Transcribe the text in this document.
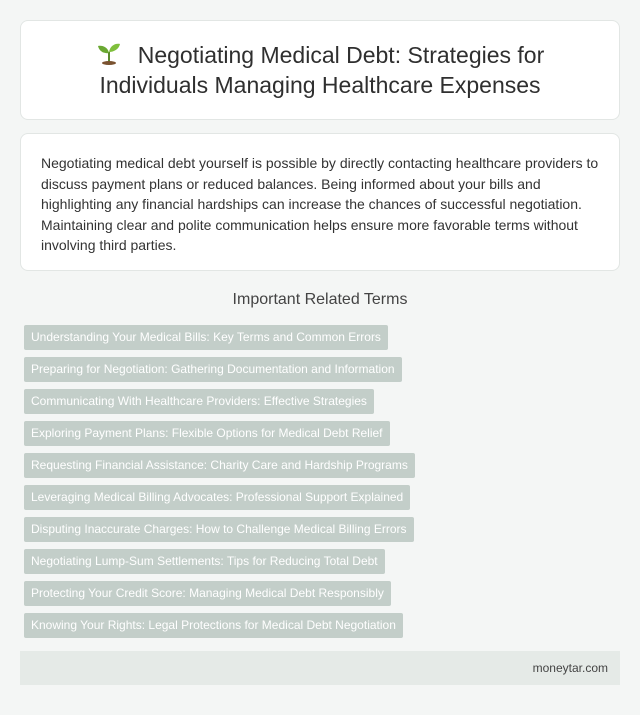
Negotiating Medical Debt: Strategies for Individuals Managing Healthcare Expenses

Negotiating medical debt yourself is possible by directly contacting healthcare providers to discuss payment plans or reduced balances. Being informed about your bills and highlighting any financial hardships can increase the chances of successful negotiation. Maintaining clear and polite communication helps ensure more favorable terms without involving third parties.

Important Related Terms
Understanding Your Medical Bills: Key Terms and Common Errors
Preparing for Negotiation: Gathering Documentation and Information
Communicating With Healthcare Providers: Effective Strategies
Exploring Payment Plans: Flexible Options for Medical Debt Relief
Requesting Financial Assistance: Charity Care and Hardship Programs
Leveraging Medical Billing Advocates: Professional Support Explained
Disputing Inaccurate Charges: How to Challenge Medical Billing Errors
Negotiating Lump-Sum Settlements: Tips for Reducing Total Debt
Protecting Your Credit Score: Managing Medical Debt Responsibly
Knowing Your Rights: Legal Protections for Medical Debt Negotiation
moneytar.com
